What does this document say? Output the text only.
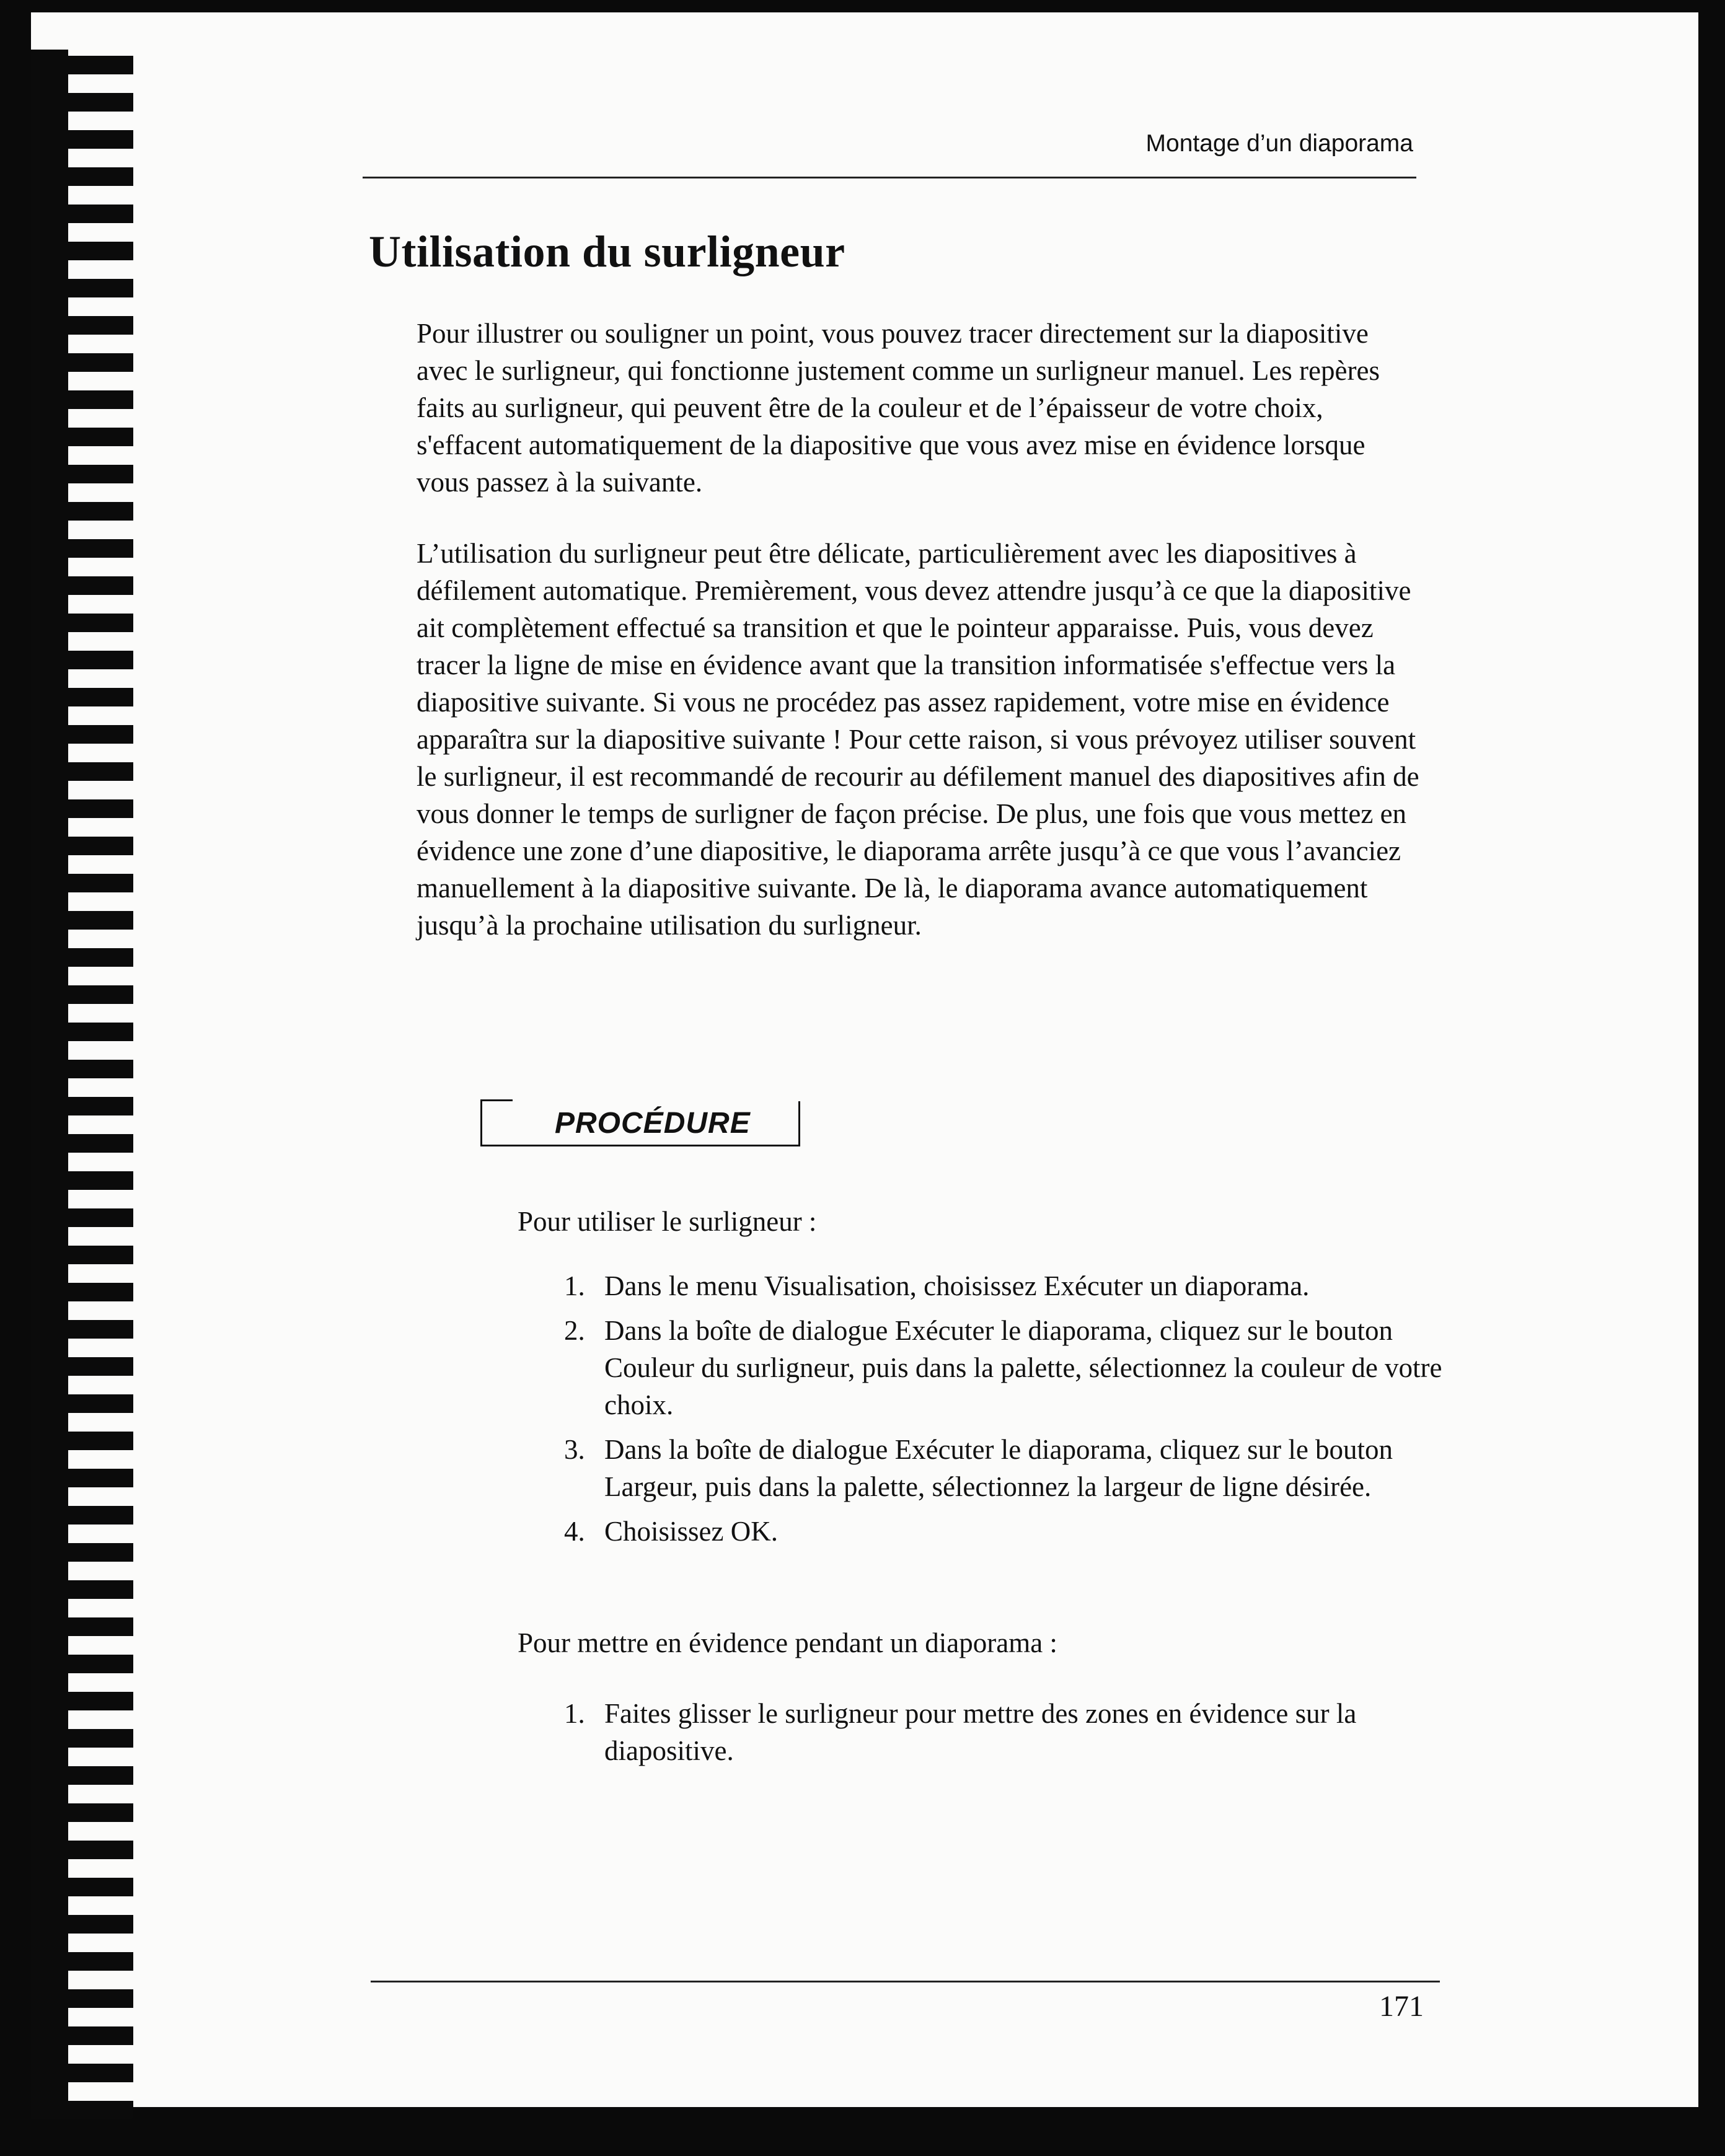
Montage d’un diaporama
Utilisation du surligneur

Pour illustrer ou souligner un point, vous pouvez tracer directement sur la diapositive avec le surligneur, qui fonctionne justement comme un surligneur manuel. Les repères faits au surligneur, qui peuvent être de la couleur et de l’épaisseur de votre choix, s'effacent automatiquement de la diapositive que vous avez mise en évidence lorsque vous passez à la suivante.

L’utilisation du surligneur peut être délicate, particulièrement avec les diapositives à défilement automatique. Premièrement, vous devez attendre jusqu’à ce que la diapositive ait complètement effectué sa transition et que le pointeur apparaisse. Puis, vous devez tracer la ligne de mise en évidence avant que la transition informatisée s'effectue vers la diapositive suivante. Si vous ne procédez pas assez rapidement, votre mise en évidence apparaîtra sur la diapositive suivante ! Pour cette raison, si vous prévoyez utiliser souvent le surligneur, il est recommandé de recourir au défilement manuel des diapositives afin de vous donner le temps de surligner de façon précise. De plus, une fois que vous mettez en évidence une zone d’une diapositive, le diaporama arrête jusqu’à ce que vous l’avanciez manuellement à la diapositive suivante. De là, le diaporama avance automatiquement jusqu’à la prochaine utilisation du surligneur.

PROCÉDURE

Pour utiliser le surligneur :

1. Dans le menu Visualisation, choisissez Exécuter un diaporama.
2. Dans la boîte de dialogue Exécuter le diaporama, cliquez sur le bouton Couleur du surligneur, puis dans la palette, sélectionnez la couleur de votre choix.
3. Dans la boîte de dialogue Exécuter le diaporama, cliquez sur le bouton Largeur, puis dans la palette, sélectionnez la largeur de ligne désirée.
4. Choisissez OK.

Pour mettre en évidence pendant un diaporama :

1. Faites glisser le surligneur pour mettre des zones en évidence sur la diapositive.
171
